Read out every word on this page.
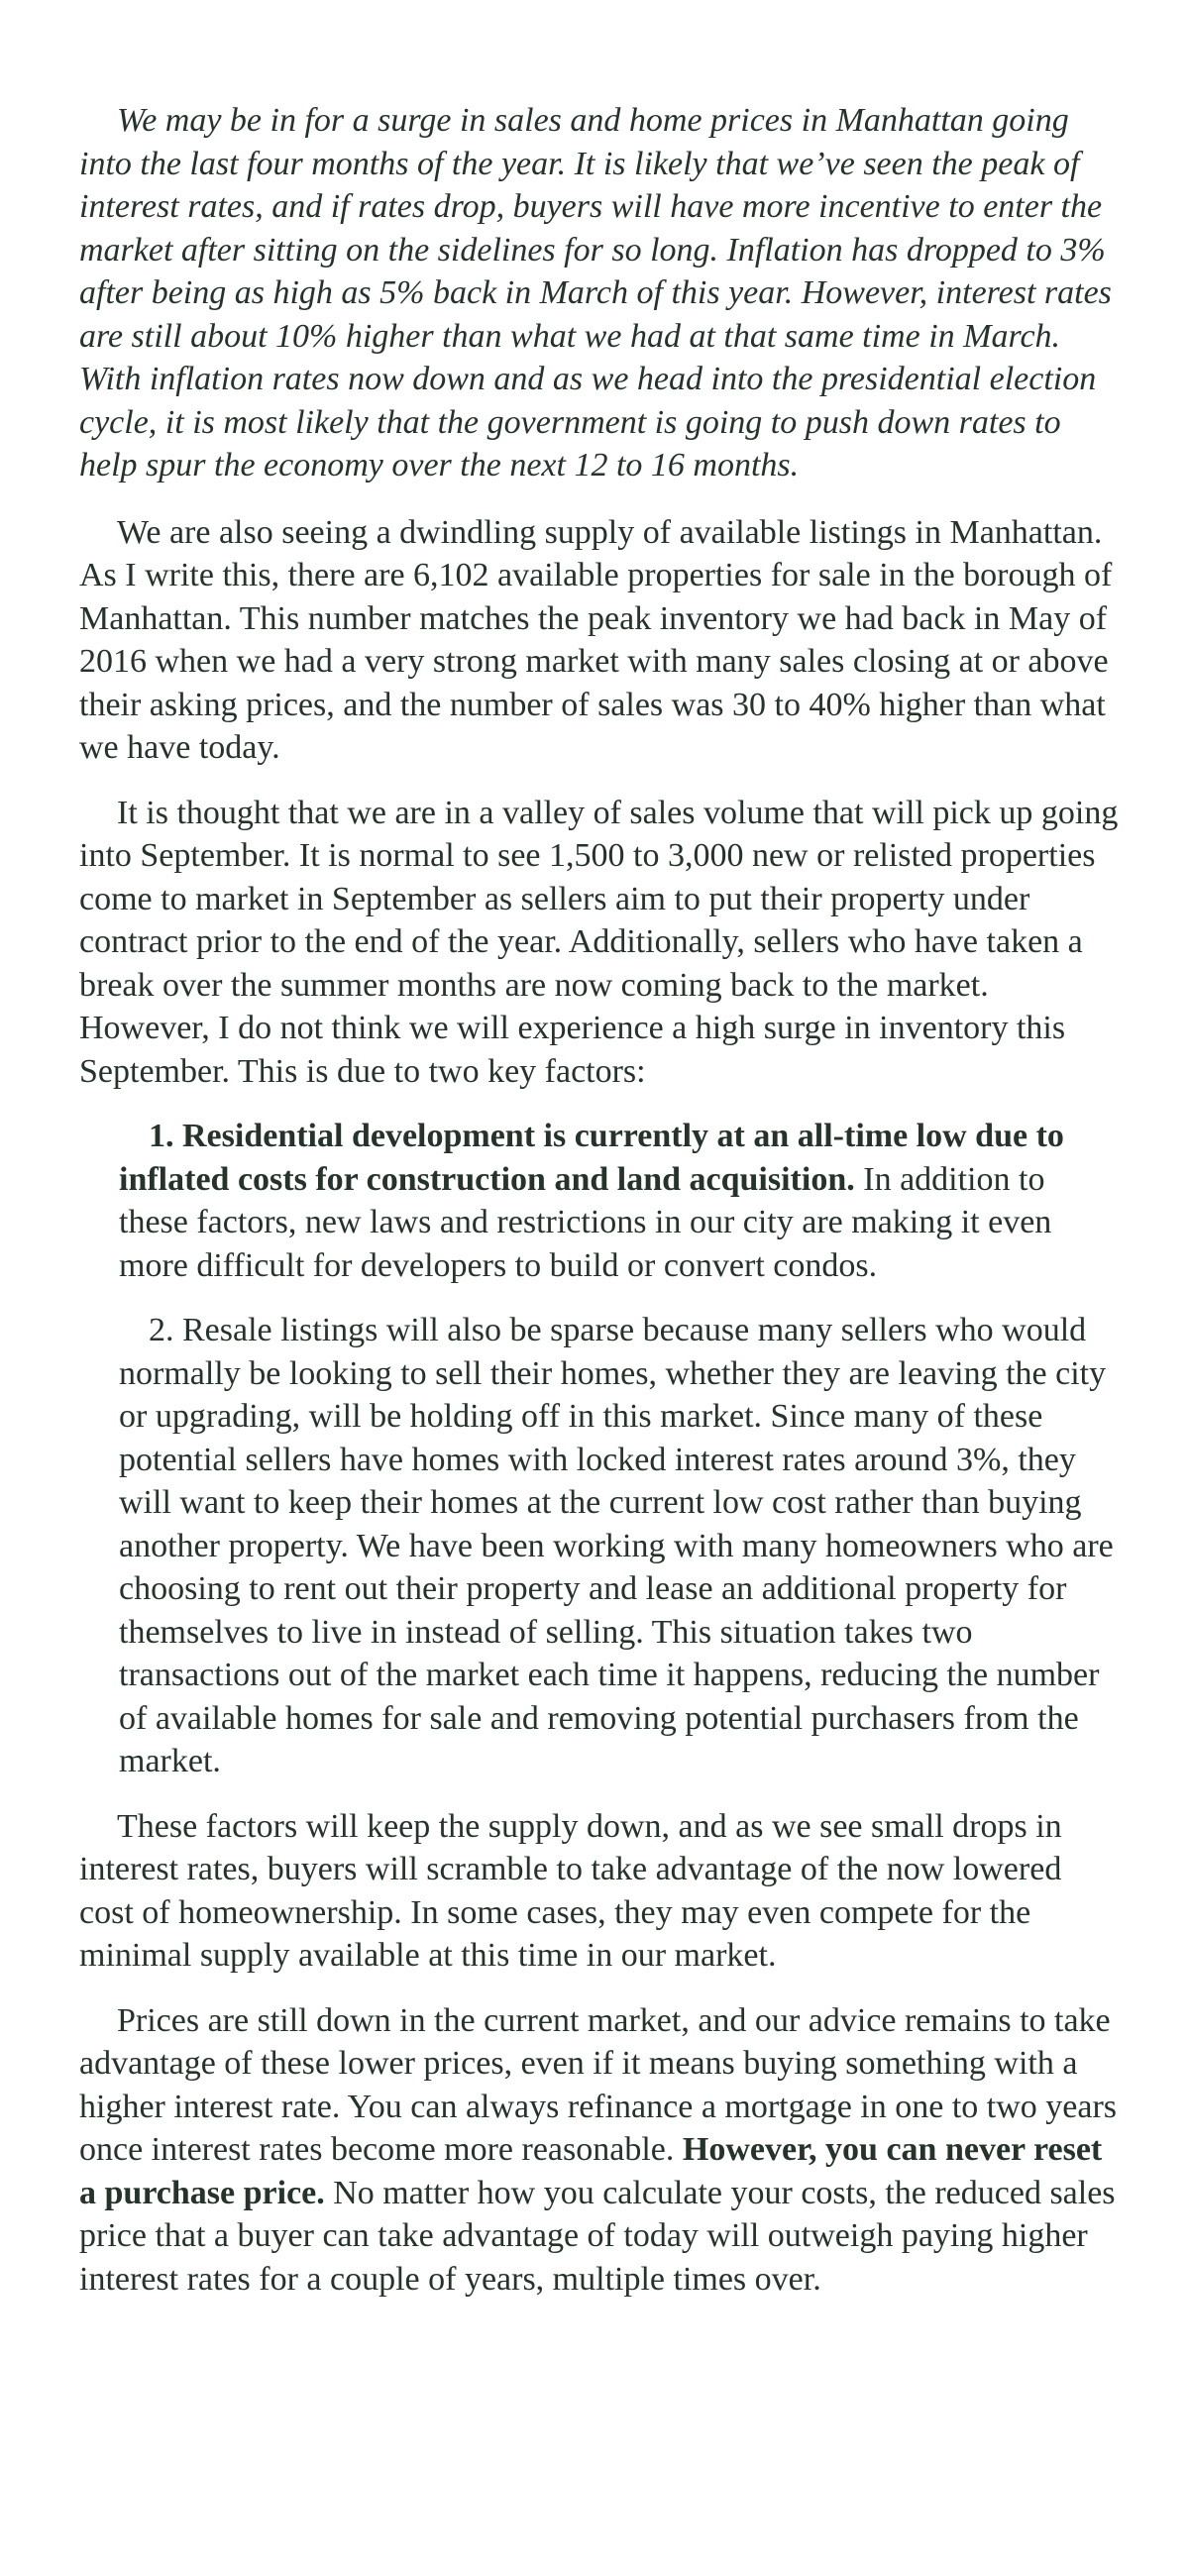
We may be in for a surge in sales and home prices in Manhattan going into the last four months of the year. It is likely that we’ve seen the peak of interest rates, and if rates drop, buyers will have more incentive to enter the market after sitting on the sidelines for so long. Inflation has dropped to 3% after being as high as 5% back in March of this year. However, interest rates are still about 10% higher than what we had at that same time in March. With inflation rates now down and as we head into the presidential election cycle, it is most likely that the government is going to push down rates to help spur the economy over the next 12 to 16 months.

We are also seeing a dwindling supply of available listings in Manhattan. As I write this, there are 6,102 available properties for sale in the borough of Manhattan. This number matches the peak inventory we had back in May of 2016 when we had a very strong market with many sales closing at or above their asking prices, and the number of sales was 30 to 40% higher than what we have today.

It is thought that we are in a valley of sales volume that will pick up going into September. It is normal to see 1,500 to 3,000 new or relisted properties come to market in September as sellers aim to put their property under contract prior to the end of the year. Additionally, sellers who have taken a break over the summer months are now coming back to the market. However, I do not think we will experience a high surge in inventory this September. This is due to two key factors:

1. Residential development is currently at an all-time low due to inflated costs for construction and land acquisition. In addition to these factors, new laws and restrictions in our city are making it even more difficult for developers to build or convert condos.
2. Resale listings will also be sparse because many sellers who would normally be looking to sell their homes, whether they are leaving the city or upgrading, will be holding off in this market. Since many of these potential sellers have homes with locked interest rates around 3%, they will want to keep their homes at the current low cost rather than buying another property. We have been working with many homeowners who are choosing to rent out their property and lease an additional property for themselves to live in instead of selling. This situation takes two transactions out of the market each time it happens, reducing the number of available homes for sale and removing potential purchasers from the market.

These factors will keep the supply down, and as we see small drops in interest rates, buyers will scramble to take advantage of the now lowered cost of homeownership. In some cases, they may even compete for the minimal supply available at this time in our market.

Prices are still down in the current market, and our advice remains to take advantage of these lower prices, even if it means buying something with a higher interest rate. You can always refinance a mortgage in one to two years once interest rates become more reasonable. However, you can never reset a purchase price. No matter how you calculate your costs, the reduced sales price that a buyer can take advantage of today will outweigh paying higher interest rates for a couple of years, multiple times over.
